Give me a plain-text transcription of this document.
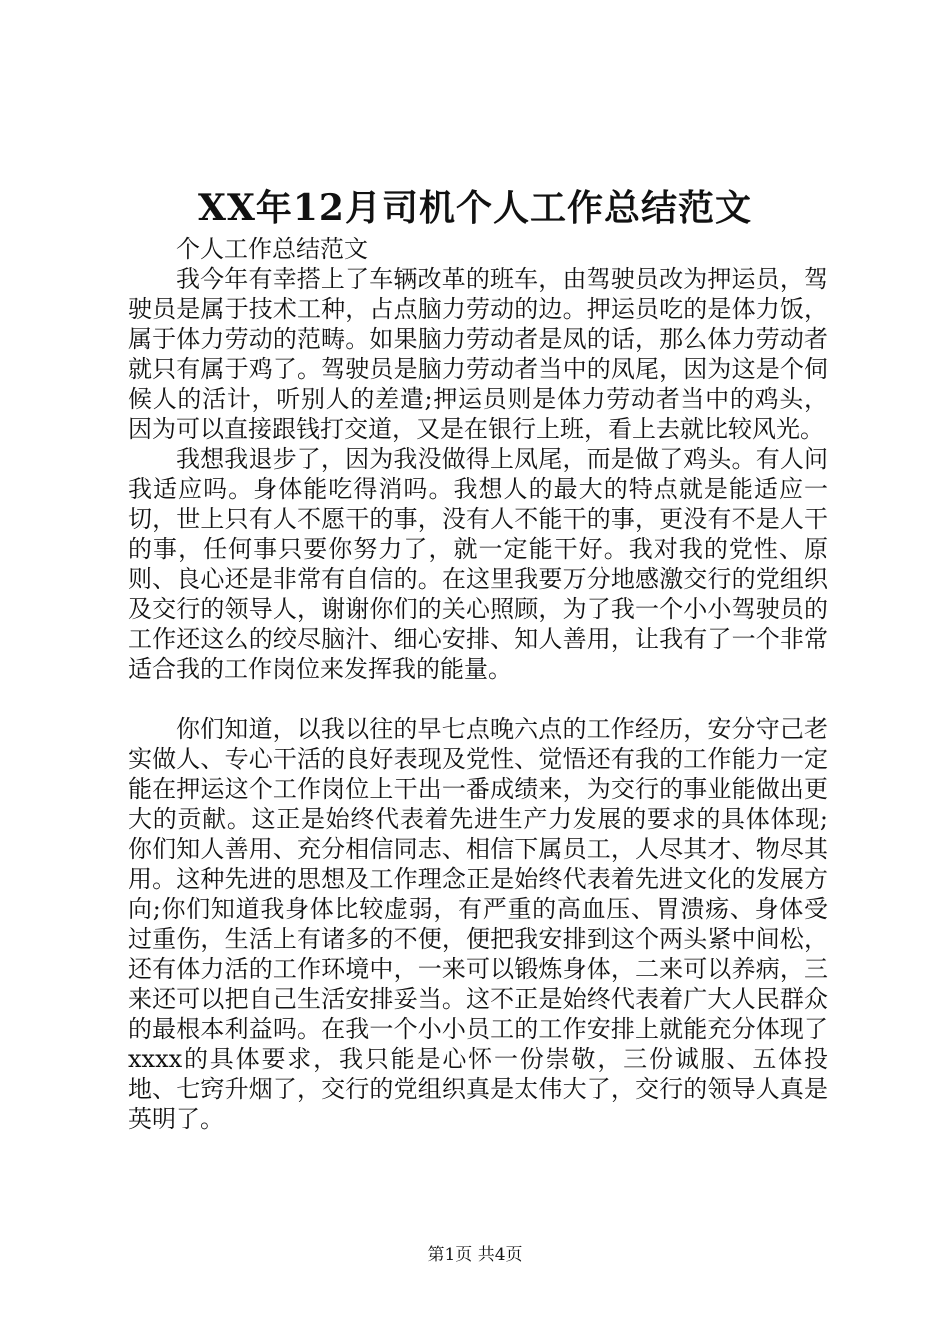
XX年12月司机个人工作总结范文

个人工作总结范文

我今年有幸搭上了车辆改革的班车，由驾驶员改为押运员，驾驶员是属于技术工种，占点脑力劳动的边。押运员吃的是体力饭，属于体力劳动的范畴。如果脑力劳动者是凤的话，那么体力劳动者就只有属于鸡了。驾驶员是脑力劳动者当中的凤尾，因为这是个伺候人的活计，听别人的差遣;押运员则是体力劳动者当中的鸡头，因为可以直接跟钱打交道，又是在银行上班，看上去就比较风光。

我想我退步了，因为我没做得上凤尾，而是做了鸡头。有人问我适应吗。身体能吃得消吗。我想人的最大的特点就是能适应一切，世上只有人不愿干的事，没有人不能干的事，更没有不是人干的事，任何事只要你努力了，就一定能干好。我对我的党性、原则、良心还是非常有自信的。在这里我要万分地感激交行的党组织及交行的领导人，谢谢你们的关心照顾，为了我一个小小驾驶员的工作还这么的绞尽脑汁、细心安排、知人善用，让我有了一个非常适合我的工作岗位来发挥我的能量。

你们知道，以我以往的早七点晚六点的工作经历，安分守己老实做人、专心干活的良好表现及党性、觉悟还有我的工作能力一定能在押运这个工作岗位上干出一番成绩来，为交行的事业能做出更大的贡献。这正是始终代表着先进生产力发展的要求的具体体现;你们知人善用、充分相信同志、相信下属员工，人尽其才、物尽其用。这种先进的思想及工作理念正是始终代表着先进文化的发展方向;你们知道我身体比较虚弱，有严重的高血压、胃溃疡、身体受过重伤，生活上有诸多的不便，便把我安排到这个两头紧中间松，还有体力活的工作环境中，一来可以锻炼身体，二来可以养病，三来还可以把自己生活安排妥当。这不正是始终代表着广大人民群众的最根本利益吗。在我一个小小员工的工作安排上就能充分体现了xxxx的具体要求，我只能是心怀一份崇敬，三份诚服、五体投地、七窍升烟了，交行的党组织真是太伟大了，交行的领导人真是英明了。

第1页 共4页
